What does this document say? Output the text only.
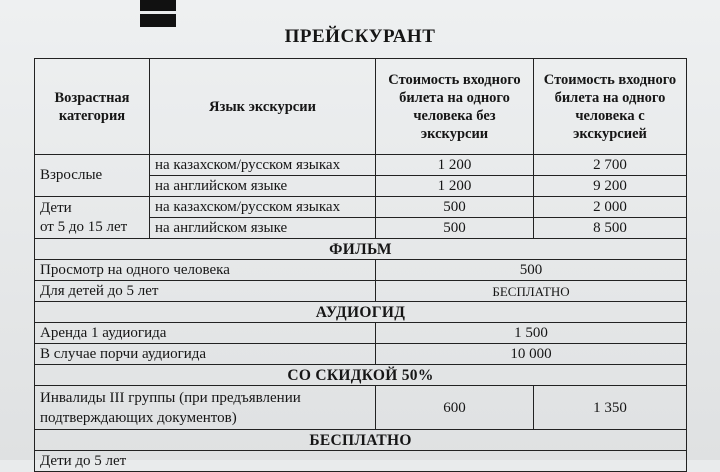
ПРЕЙСКУРАНТ
Возрастная категория	Язык экскурсии	Стоимость входного билета на одного человека без экскурсии	Стоимость входного билета на одного человека с экскурсией
Взрослые	на казахском/русском языках	1 200	2 700
	на английском языке	1 200	9 200
Дети
от 5 до 15 лет	на казахском/русском языках	500	2 000
	на английском языке	500	8 500
ФИЛЬМ			
Просмотр на одного человека		500	
Для детей до 5 лет		БЕСПЛАТНО	
АУДИОГИД			
Аренда 1 аудиогида		1 500	
В случае порчи аудиогида		10 000	
СО СКИДКОЙ 50%			
Инвалиды III группы (при предъявлении
подтверждающих документов)		600	1 350
БЕСПЛАТНО			
Дети до 5 лет			
